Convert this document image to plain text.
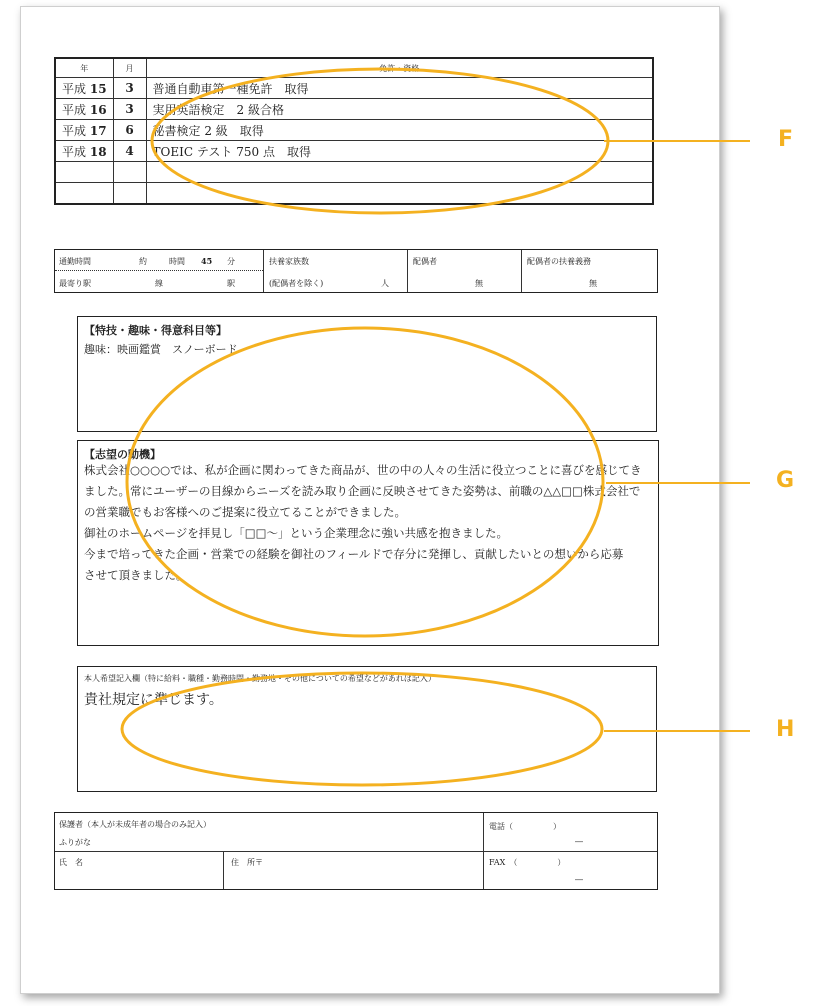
年	月	免許・資格
平成 15	3	普通自動車第一種免許　取得
平成 16	3	実用英語検定　2 級合格
平成 17	6	秘書検定 2 級　取得
平成 18	4	TOEIC テスト 750 点　取得

通勤時間	約	時間 45 分
最寄り駅	線	駅
扶養家族数
(配偶者を除く)	人
配偶者
無
配偶者の扶養義務
無
【特技・趣味・得意科目等】
趣味：映画鑑賞　スノーボード
【志望の動機】
株式会社○○○○では、私が企画に関わってきた商品が、世の中の人々の生活に役立つことに喜びを感じてき
ました。常にユーザーの目線からニーズを読み取り企画に反映させてきた姿勢は、前職の△△□□株式会社で
の営業職でもお客様へのご提案に役立てることができました。
御社のホームページを拝見し「□□～」という企業理念に強い共感を抱きました。
今まで培ってきた企画・営業での経験を御社のフィールドで存分に発揮し、貢献したいとの想いから応募
させて頂きました。
本人希望記入欄（特に給料・職種・勤務時間・勤務地・その他についての希望などがあれば記入）
貴社規定に準じます。
保護者（本人が未成年者の場合のみ記入）
ふりがな
氏　名	住　所〒
電話（　　　　　）
―
FAX　（　　　　　）
―
F
G
H
